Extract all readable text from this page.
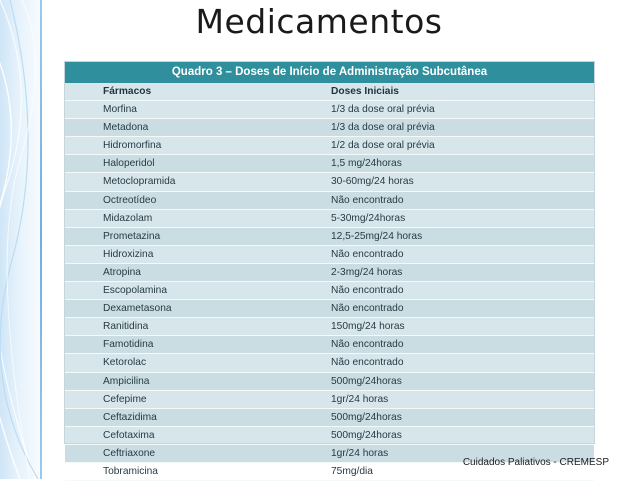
Medicamentos
Quadro 3 – Doses de Início de Administração Subcutânea
Fármacos	Doses Iniciais
Morfina	1/3 da dose oral prévia
Metadona	1/3 da dose oral prévia
Hidromorfina	1/2 da dose oral prévia
Haloperidol	1,5 mg/24horas
Metoclopramida	30-60mg/24 horas
Octreotídeo	Não encontrado
Midazolam	5-30mg/24horas
Prometazina	12,5-25mg/24 horas
Hidroxizina	Não encontrado
Atropina	2-3mg/24 horas
Escopolamina	Não encontrado
Dexametasona	Não encontrado
Ranitidina	150mg/24 horas
Famotidina	Não encontrado
Ketorolac	Não encontrado
Ampicilina	500mg/24horas
Cefepime	1gr/24 horas
Ceftazidima	500mg/24horas
Cefotaxima	500mg/24horas
Ceftriaxone	1gr/24 horas
Tobramicina	75mg/dia
Cuidados Paliativos - CREMESP
